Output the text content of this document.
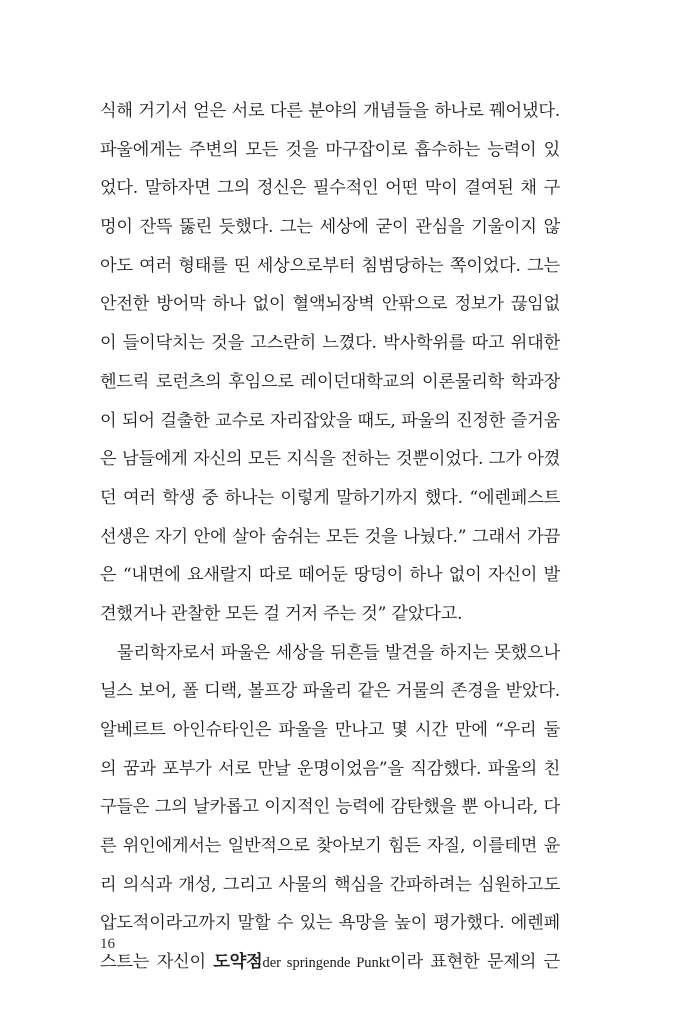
식해 거기서 얻은 서로 다른 분야의 개념들을 하나로 꿰어냈다.
파울에게는 주변의 모든 것을 마구잡이로 흡수하는 능력이 있
었다. 말하자면 그의 정신은 필수적인 어떤 막이 결여된 채 구
멍이 잔뜩 뚫린 듯했다. 그는 세상에 굳이 관심을 기울이지 않
아도 여러 형태를 띤 세상으로부터 침범당하는 쪽이었다. 그는
안전한 방어막 하나 없이 혈액뇌장벽 안팎으로 정보가 끊임없
이 들이닥치는 것을 고스란히 느꼈다. 박사학위를 따고 위대한
헨드릭 로런츠의 후임으로 레이던대학교의 이론물리학 학과장
이 되어 걸출한 교수로 자리잡았을 때도, 파울의 진정한 즐거움
은 남들에게 자신의 모든 지식을 전하는 것뿐이었다. 그가 아꼈
던 여러 학생 중 하나는 이렇게 말하기까지 했다. “에렌페스트
선생은 자기 안에 살아 숨쉬는 모든 것을 나눴다.” 그래서 가끔
은 “내면에 요새랄지 따로 떼어둔 땅덩이 하나 없이 자신이 발
견했거나 관찰한 모든 걸 거저 주는 것” 같았다고.
물리학자로서 파울은 세상을 뒤흔들 발견을 하지는 못했으나
닐스 보어, 폴 디랙, 볼프강 파울리 같은 거물의 존경을 받았다.
알베르트 아인슈타인은 파울을 만나고 몇 시간 만에 “우리 둘
의 꿈과 포부가 서로 만날 운명이었음”을 직감했다. 파울의 친
구들은 그의 날카롭고 이지적인 능력에 감탄했을 뿐 아니라, 다
른 위인에게서는 일반적으로 찾아보기 힘든 자질, 이를테면 윤
리 의식과 개성, 그리고 사물의 핵심을 간파하려는 심원하고도
압도적이라고까지 말할 수 있는 욕망을 높이 평가했다. 에렌페
스트는 자신이 도약점der springende Punkt이라 표현한 문제의 근
16
